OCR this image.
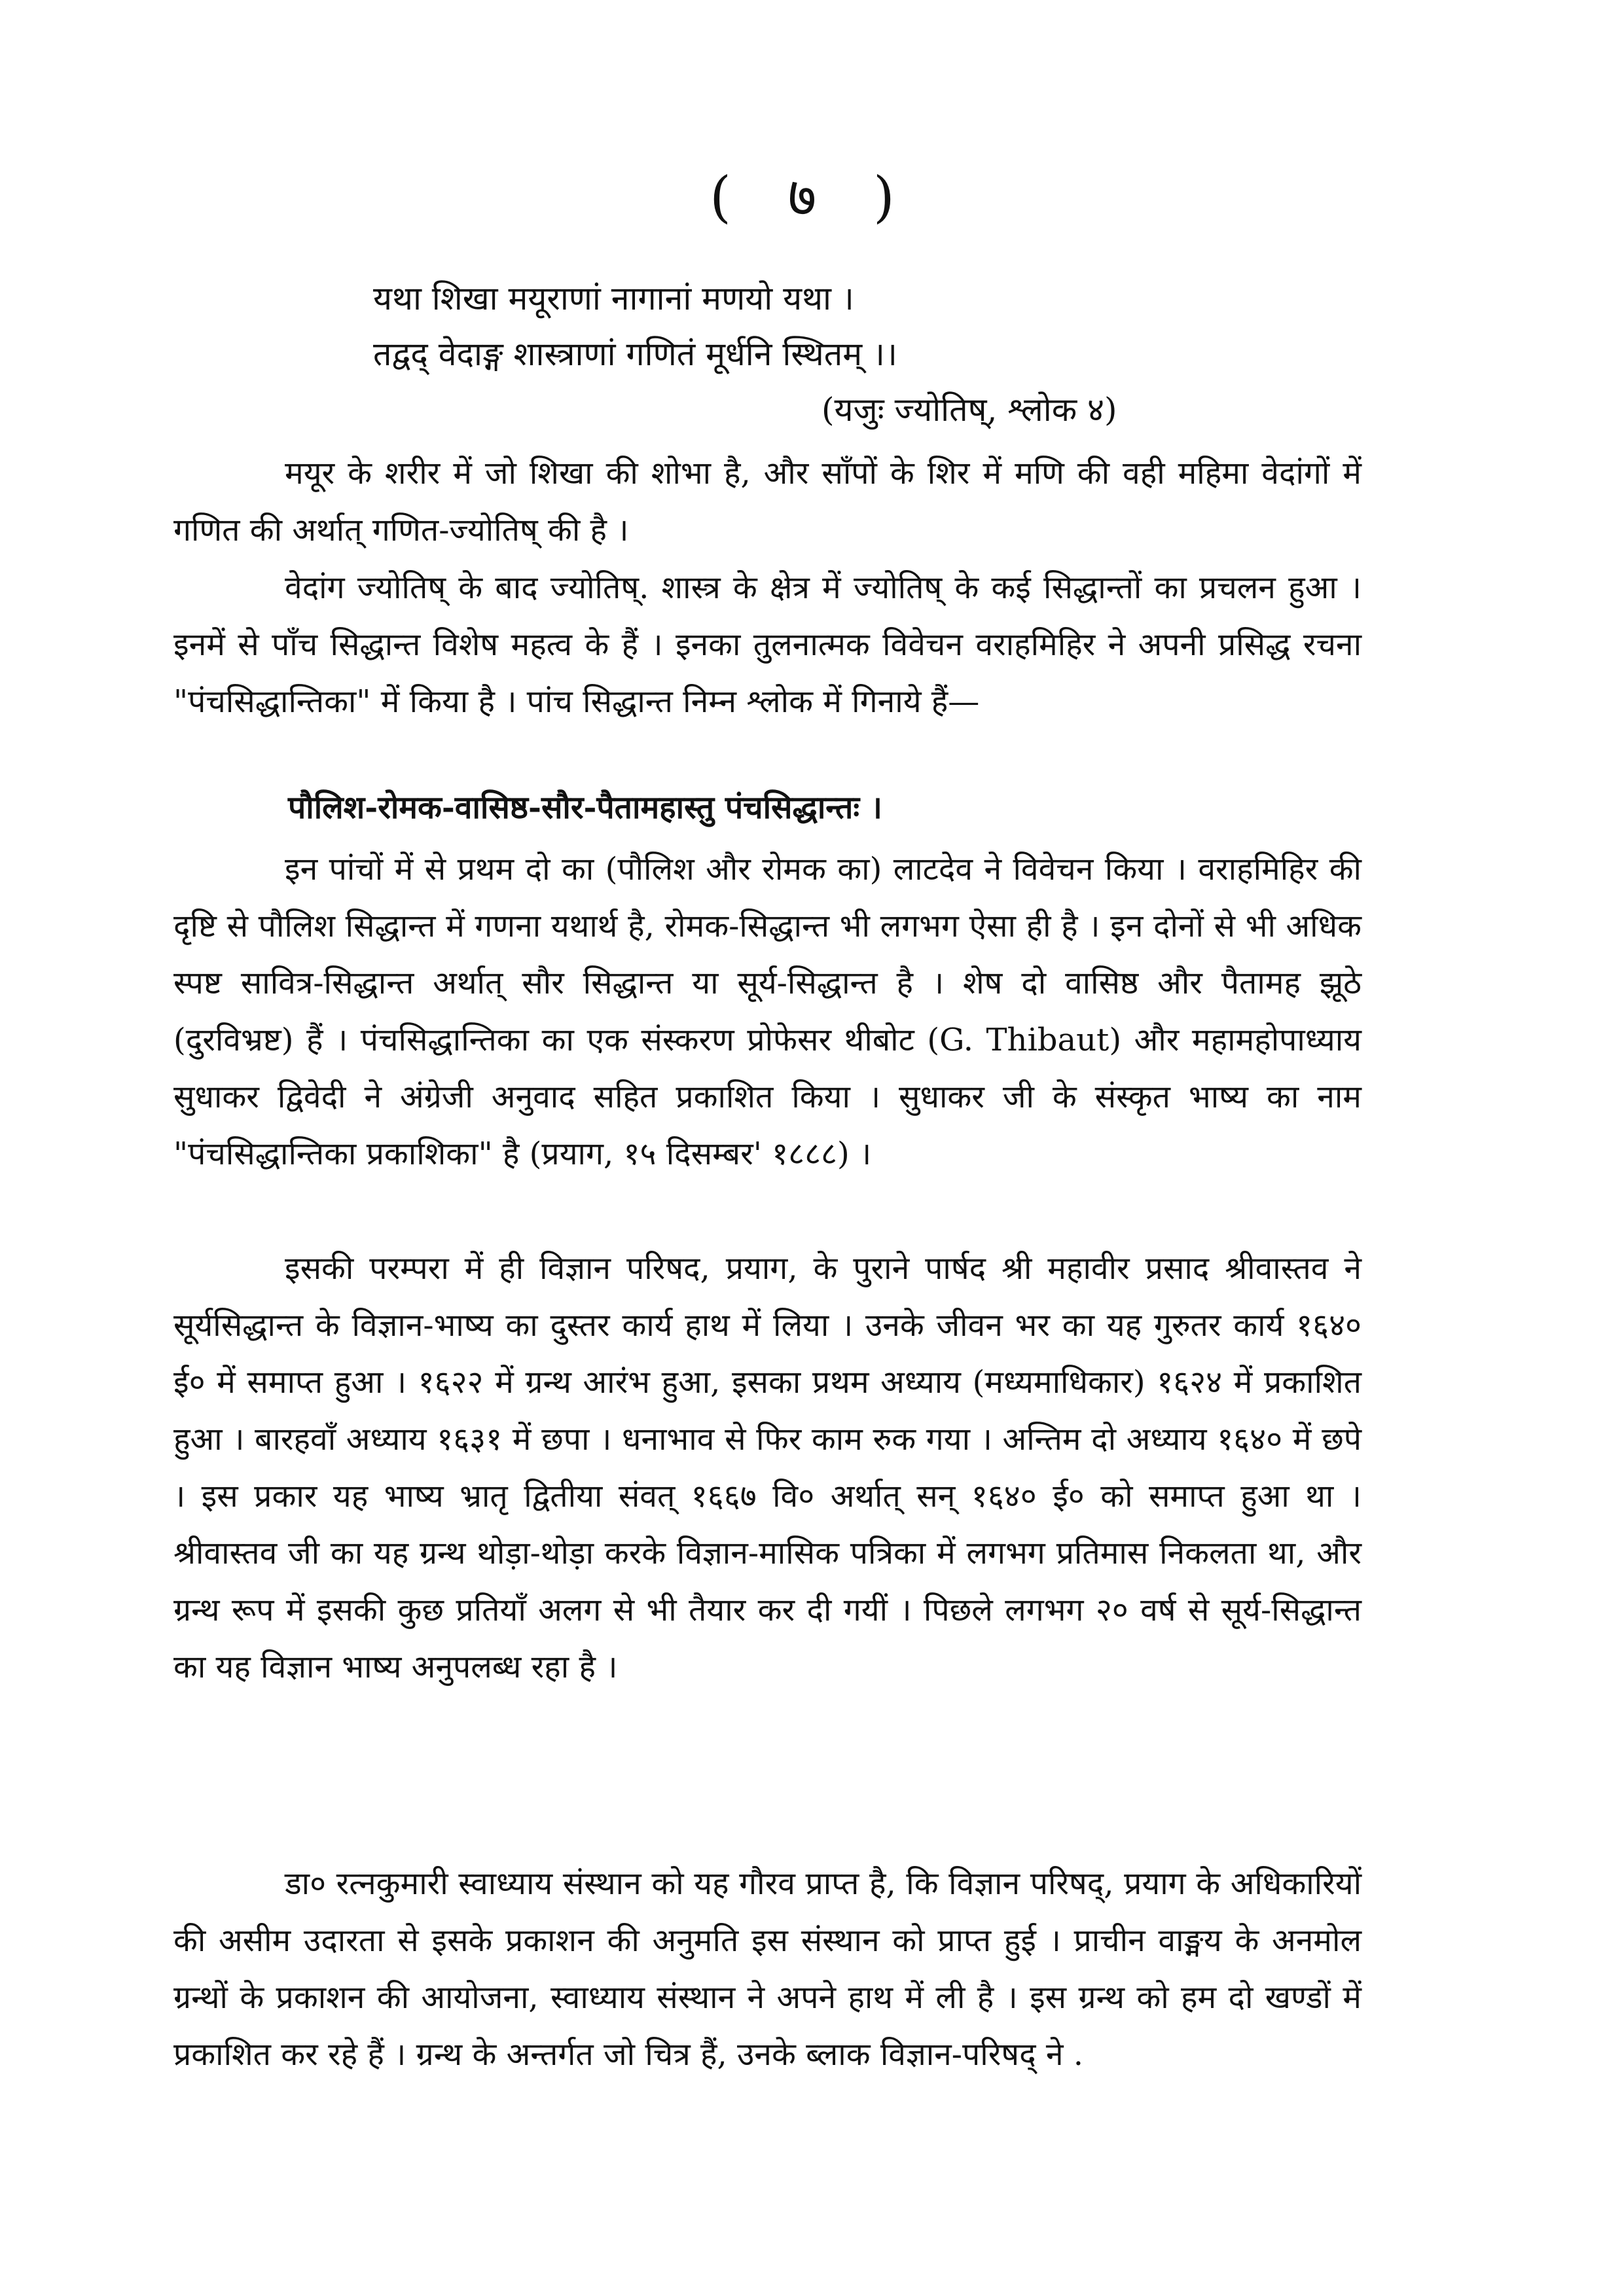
( ७ )
यथा शिखा मयूराणां नागानां मणयो यथा ।
तद्वद् वेदाङ्ग शास्त्राणां गणितं मूर्धनि स्थितम् ।।
(यजुः ज्योतिष्, श्लोक ४)
मयूर के शरीर में जो शिखा की शोभा है, और साँपों के शिर में मणि की वही महिमा वेदांगों में गणित की अर्थात् गणित-ज्योतिष् की है ।
वेदांग ज्योतिष् के बाद ज्योतिष्. शास्त्र के क्षेत्र में ज्योतिष् के कई सिद्धान्तों का प्रचलन हुआ । इनमें से पाँच सिद्धान्त विशेष महत्व के हैं । इनका तुलनात्मक विवेचन वराहमिहिर ने अपनी प्रसिद्ध रचना "पंचसिद्धान्तिका" में किया है । पांच सिद्धान्त निम्न श्लोक में गिनाये हैं—
पौलिश-रोमक-वासिष्ठ-सौर-पैतामहास्तु पंचसिद्धान्तः ।
इन पांचों में से प्रथम दो का (पौलिश और रोमक का) लाटदेव ने विवेचन किया । वराहमिहिर की दृष्टि से पौलिश सिद्धान्त में गणना यथार्थ है, रोमक-सिद्धान्त भी लगभग ऐसा ही है । इन दोनों से भी अधिक स्पष्ट सावित्र-सिद्धान्त अर्थात् सौर सिद्धान्त या सूर्य-सिद्धान्त है । शेष दो वासिष्ठ और पैतामह झूठे (दुरविभ्रष्ट) हैं । पंचसिद्धान्तिका का एक संस्करण प्रोफेसर थीबोट (G. Thibaut) और महामहोपाध्याय सुधाकर द्विवेदी ने अंग्रेजी अनुवाद सहित प्रकाशित किया । सुधाकर जी के संस्कृत भाष्य का नाम "पंचसिद्धान्तिका प्रकाशिका" है (प्रयाग, १५ दिसम्बर' १८८८) ।
इसकी परम्परा में ही विज्ञान परिषद, प्रयाग, के पुराने पार्षद श्री महावीर प्रसाद श्रीवास्तव ने सूर्यसिद्धान्त के विज्ञान-भाष्य का दुस्तर कार्य हाथ में लिया । उनके जीवन भर का यह गुरुतर कार्य १६४० ई० में समाप्त हुआ । १६२२ में ग्रन्थ आरंभ हुआ, इसका प्रथम अध्याय (मध्यमाधिकार) १६२४ में प्रकाशित हुआ । बारहवाँ अध्याय १६३१ में छपा । धनाभाव से फिर काम रुक गया । अन्तिम दो अध्याय १६४० में छपे । इस प्रकार यह भाष्य भ्रातृ द्वितीया संवत् १६६७ वि० अर्थात् सन् १६४० ई० को समाप्त हुआ था । श्रीवास्तव जी का यह ग्रन्थ थोड़ा-थोड़ा करके विज्ञान-मासिक पत्रिका में लगभग प्रतिमास निकलता था, और ग्रन्थ रूप में इसकी कुछ प्रतियाँ अलग से भी तैयार कर दी गयीं । पिछले लगभग २० वर्ष से सूर्य-सिद्धान्त का यह विज्ञान भाष्य अनुपलब्ध रहा है ।
डा० रत्नकुमारी स्वाध्याय संस्थान को यह गौरव प्राप्त है, कि विज्ञान परिषद्, प्रयाग के अधिकारियों की असीम उदारता से इसके प्रकाशन की अनुमति इस संस्थान को प्राप्त हुई । प्राचीन वाङ्मय के अनमोल ग्रन्थों के प्रकाशन की आयोजना, स्वाध्याय संस्थान ने अपने हाथ में ली है । इस ग्रन्थ को हम दो खण्डों में प्रकाशित कर रहे हैं । ग्रन्थ के अन्तर्गत जो चित्र हैं, उनके ब्लाक विज्ञान-परिषद् ने .
